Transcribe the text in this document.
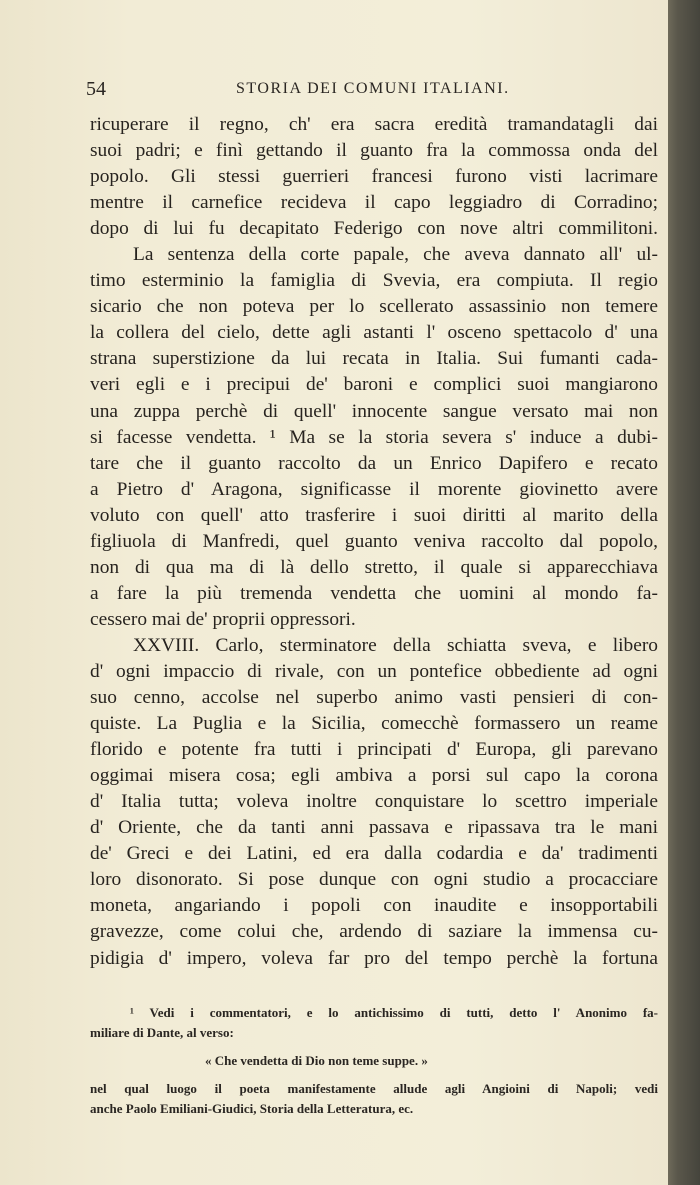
54	STORIA DEI COMUNI ITALIANI.
ricuperare il regno, ch' era sacra eredità tramandatagli dai
suoi padri; e finì gettando il guanto fra la commossa onda del
popolo. Gli stessi guerrieri francesi furono visti lacrimare
mentre il carnefice recideva il capo leggiadro di Corradino;
dopo di lui fu decapitato Federigo con nove altri commilitoni.
La sentenza della corte papale, che aveva dannato all' ul-
timo esterminio la famiglia di Svevia, era compiuta. Il regio
sicario che non poteva per lo scellerato assassinio non temere
la collera del cielo, dette agli astanti l' osceno spettacolo d' una
strana superstizione da lui recata in Italia. Sui fumanti cada-
veri egli e i precipui de' baroni e complici suoi mangiarono
una zuppa perchè di quell' innocente sangue versato mai non
si facesse vendetta. ¹ Ma se la storia severa s' induce a dubi-
tare che il guanto raccolto da un Enrico Dapifero e recato
a Pietro d' Aragona, significasse il morente giovinetto avere
voluto con quell' atto trasferire i suoi diritti al marito della
figliuola di Manfredi, quel guanto veniva raccolto dal popolo,
non di qua ma di là dello stretto, il quale si apparecchiava
a fare la più tremenda vendetta che uomini al mondo fa-
cessero mai de' proprii oppressori.
XXVIII. Carlo, sterminatore della schiatta sveva, e libero
d' ogni impaccio di rivale, con un pontefice obbediente ad ogni
suo cenno, accolse nel superbo animo vasti pensieri di con-
quiste. La Puglia e la Sicilia, comecchè formassero un reame
florido e potente fra tutti i principati d' Europa, gli parevano
oggimai misera cosa; egli ambiva a porsi sul capo la corona
d' Italia tutta; voleva inoltre conquistare lo scettro imperiale
d' Oriente, che da tanti anni passava e ripassava tra le mani
de' Greci e dei Latini, ed era dalla codardia e da' tradimenti
loro disonorato. Si pose dunque con ogni studio a procacciare
moneta, angariando i popoli con inaudite e insopportabili
gravezze, come colui che, ardendo di saziare la immensa cu-
pidigia d' impero, voleva far pro del tempo perchè la fortuna
¹ Vedi i commentatori, e lo antichissimo di tutti, detto l' Anonimo fa-
miliare di Dante, al verso:
« Che vendetta di Dio non teme suppe. »
nel qual luogo il poeta manifestamente allude agli Angioini di Napoli; vedi
anche Paolo Emiliani-Giudici, Storia della Letteratura, ec.
